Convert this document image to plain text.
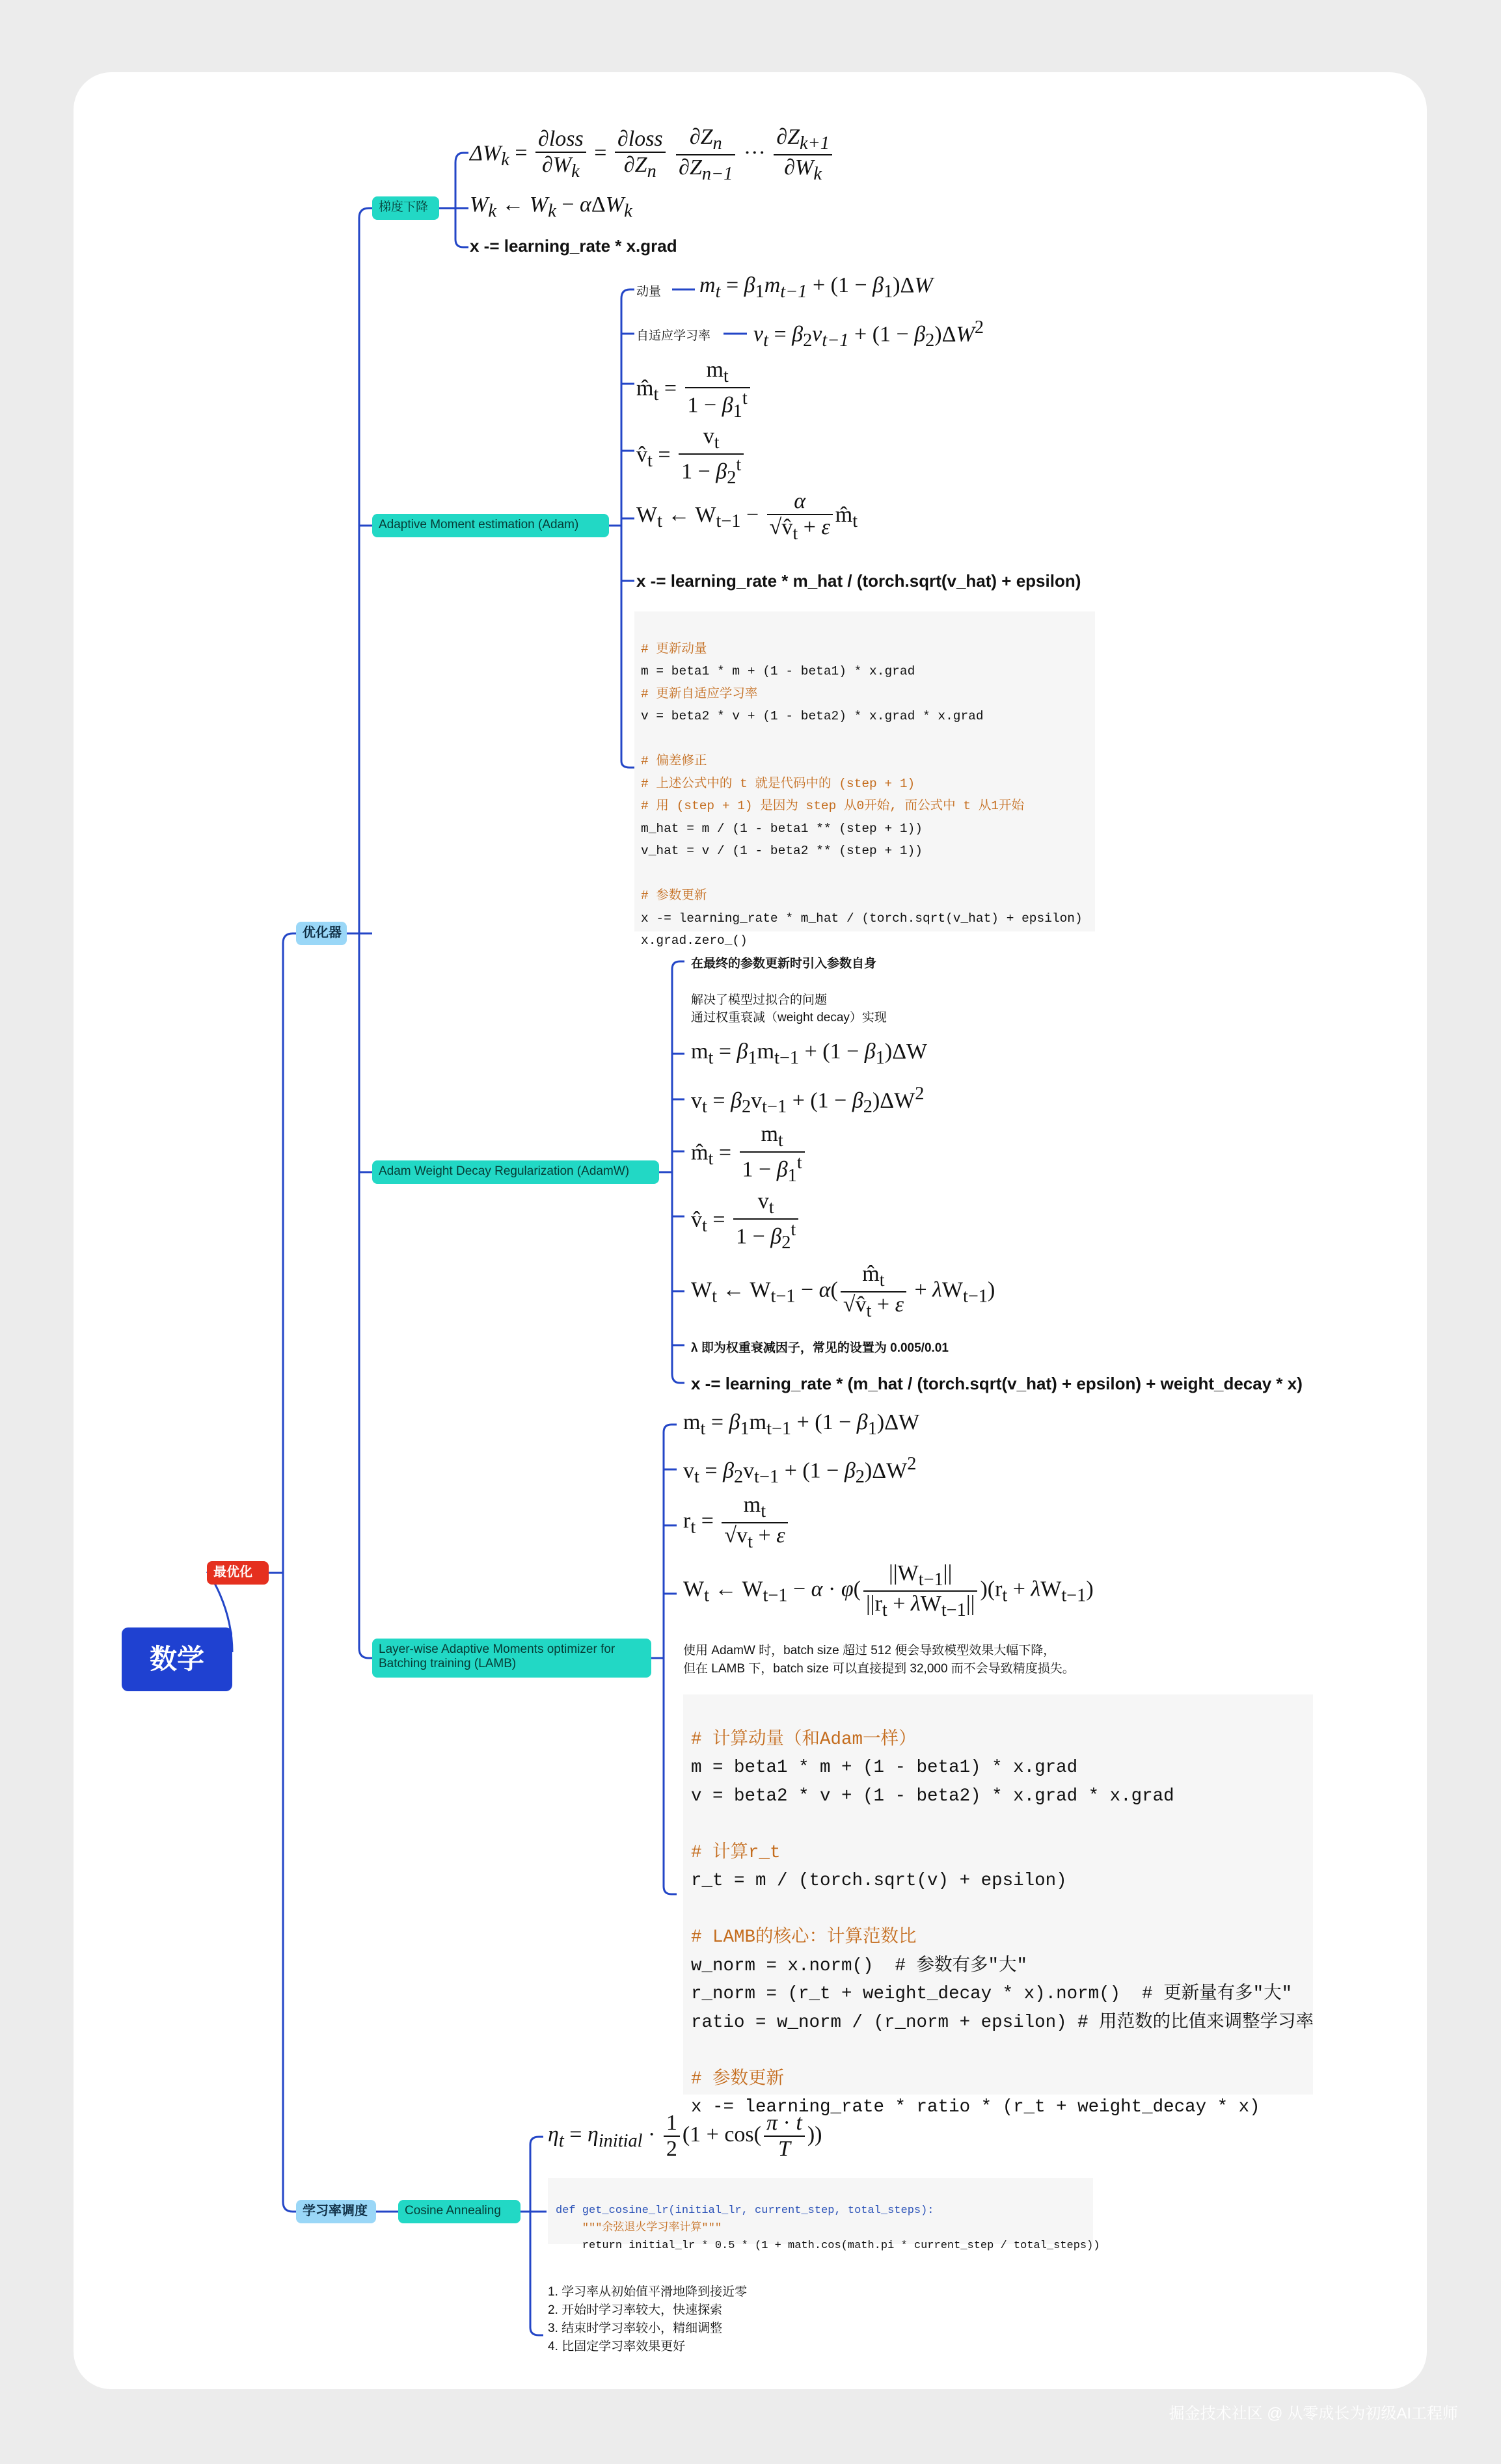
数学
最优化
优化器
学习率调度
梯度下降
Adaptive Moment estimation (Adam)
Adam Weight Decay Regularization (AdamW)
Layer-wise Adaptive Moments optimizer for
Batching training (LAMB)
Cosine Annealing
$\Delta W_k = \frac{\text{∂loss}}{\partial W_k} = \frac{\text{∂loss}}{\partial Z_n}$
$\frac{\partial Z_n}{\partial Z_{n-1}}$ ··· $\frac{\partial Z_{k+1}}{\partial W_k}$
$W_k$ ← $W_k - \alpha\Delta W_k$
x -= learning_rate * x.grad
动量 $m_t = \beta_1m_{t-1} + (1 - \beta_1)\Delta W$
自适应学习率 $v_t = \beta_2v_{t-1} + (1 - \beta_2)\Delta W^2$
$m̂_t = \frac{m_t}{1 - \beta_1^t}$
$v̂_t = \frac{v_t}{1 - \beta_2^t}$
$W_t$ ← $W_{t-1} - \frac{\alpha}{√v̂_t + \varepsilon}$ $m̂_t$
x -= learning_rate * m_hat / (torch.sqrt(v_hat) + epsilon)

# 更新动量
m = beta1 * m + (1 - beta1) * x.grad
# 更新自适应学习率
v = beta2 * v + (1 - beta2) * x.grad * x.grad

# 偏差修正
# 上述公式中的 t 就是代码中的 (step + 1)
# 用 (step + 1) 是因为 step 从0开始, 而公式中 t 从1开始
m_hat = m / (1 - beta1 ** (step + 1))
v_hat = v / (1 - beta2 ** (step + 1))

# 参数更新
x -= learning_rate * m_hat / (torch.sqrt(v_hat) + epsilon)
x.grad.zero_()

在最终的参数更新时引入参数自身
解决了模型过拟合的问题
通过权重衰减（weight decay）实现
$m_t = \beta_1m_{t-1} + (1 - \beta_1)\Delta W$
$v_t = \beta_2v_{t-1} + (1 - \beta_2)\Delta W^2$
$m̂_t = \frac{m_t}{1 - \beta_1^t}$
$v̂_t = \frac{v_t}{1 - \beta_2^t}$
$W_t$ ← $W_{t-1} - \alpha( \frac{m̂_t}{√v̂_t + \varepsilon} + \lambda W_{t-1})$
λ 即为权重衰减因子，常见的设置为 0.005/0.01
x -= learning_rate * (m_hat / (torch.sqrt(v_hat) + epsilon) + weight_decay * x)
$m_t = \beta_1m_{t-1} + (1 - \beta_1)\Delta W$
$v_t = \beta_2v_{t-1} + (1 - \beta_2)\Delta W^2$
$r_t = \frac{m_t}{√v_t + \varepsilon}$
$W_t$ ← $W_{t-1} - \alpha \cdot \varphi( \frac{||W_{t-1}||}{||r_t + \lambda W_{t-1}||} )(r_t + \lambda W_{t-1})$
使用 AdamW 时，batch size 超过 512 便会导致模型效果大幅下降，
但在 LAMB 下，batch size 可以直接提到 32,000 而不会导致精度损失。

# 计算动量（和Adam一样）
m = beta1 * m + (1 - beta1) * x.grad
v = beta2 * v + (1 - beta2) * x.grad * x.grad

# 计算r_t
r_t = m / (torch.sqrt(v) + epsilon)

# LAMB的核心：计算范数比
w_norm = x.norm()  # 参数有多"大"
r_norm = (r_t + weight_decay * x).norm()  # 更新量有多"大"
ratio = w_norm / (r_norm + epsilon) # 用范数的比值来调整学习率

# 参数更新
x -= learning_rate * ratio * (r_t + weight_decay * x)

$\eta_t = \eta_{initial} \cdot \frac{1}{2} (1 + \cos( \frac{\pi \cdot t}{T}$ ))

def get_cosine_lr(initial_lr, current_step, total_steps):
"""余弦退火学习率计算"""
return initial_lr * 0.5 * (1 + math.cos(math.pi * current_step / total_steps))

1. 学习率从初始值平滑地降到接近零
2. 开始时学习率较大，快速探索
3. 结束时学习率较小，精细调整
4. 比固定学习率效果更好

掘金技术社区 @ 从零成长为初级AI工程师
